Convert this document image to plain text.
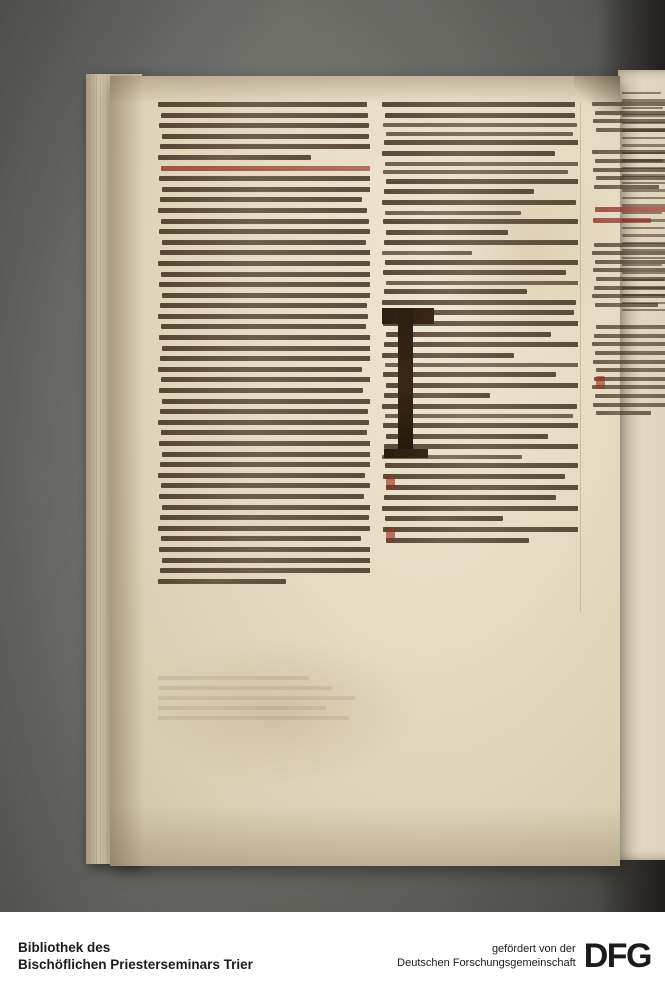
Bibliothek des
Bischöflichen Priesterseminars Trier
gefördert von der
Deutschen Forschungsgemeinschaft DFG
